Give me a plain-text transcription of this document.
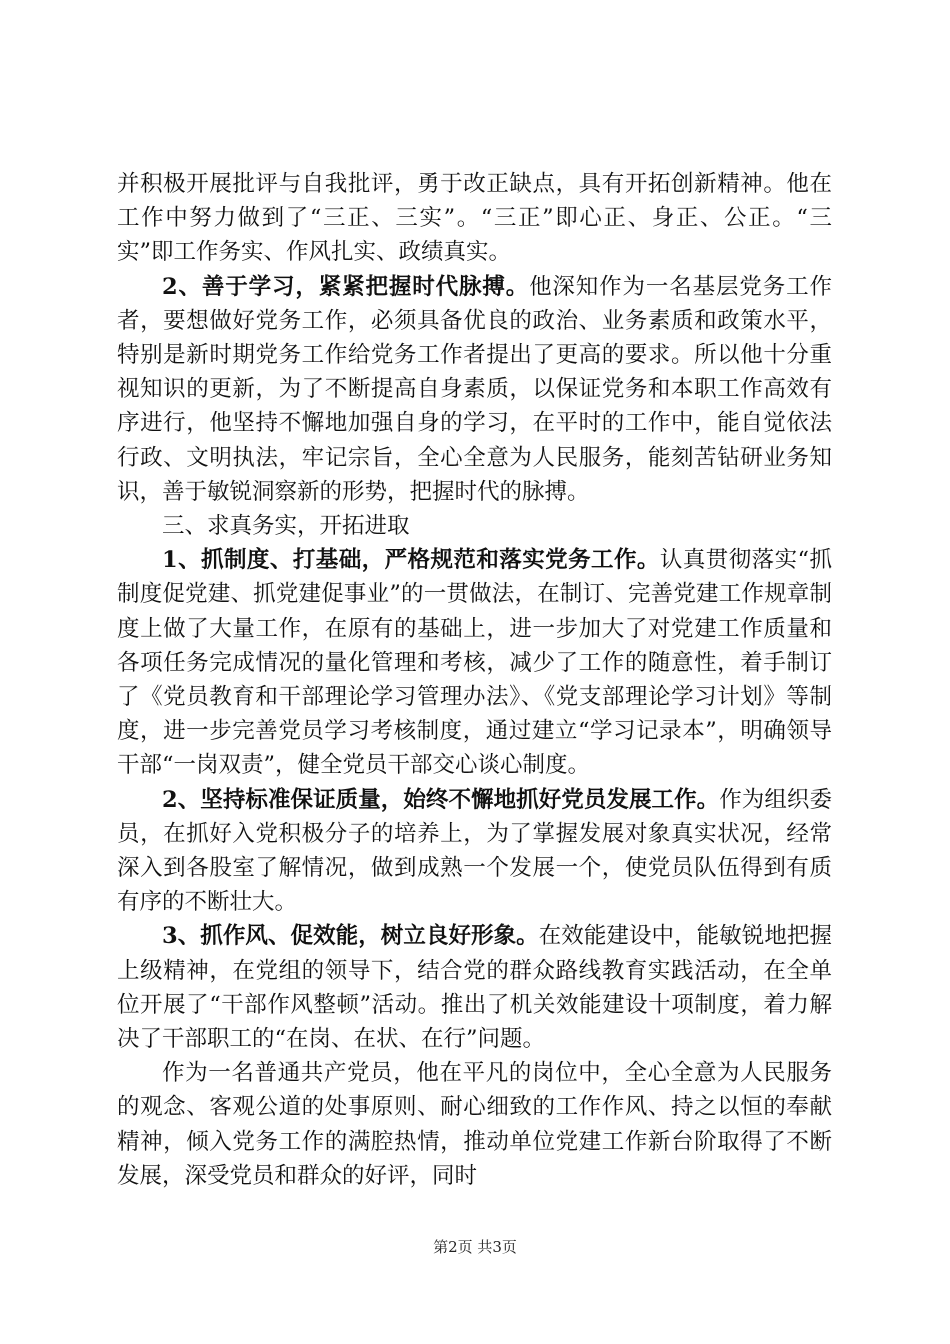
并积极开展批评与自我批评，勇于改正缺点，具有开拓创新精神。他在工作中努力做到了“三正、三实”。“三正”即心正、身正、公正。“三实”即工作务实、作风扎实、政绩真实。

2、善于学习，紧紧把握时代脉搏。他深知作为一名基层党务工作者，要想做好党务工作，必须具备优良的政治、业务素质和政策水平，特别是新时期党务工作给党务工作者提出了更高的要求。所以他十分重视知识的更新，为了不断提高自身素质，以保证党务和本职工作高效有序进行，他坚持不懈地加强自身的学习，在平时的工作中，能自觉依法行政、文明执法，牢记宗旨，全心全意为人民服务，能刻苦钻研业务知识，善于敏锐洞察新的形势，把握时代的脉搏。

三、求真务实，开拓进取

1、抓制度、打基础，严格规范和落实党务工作。认真贯彻落实“抓制度促党建、抓党建促事业”的一贯做法，在制订、完善党建工作规章制度上做了大量工作，在原有的基础上，进一步加大了对党建工作质量和各项任务完成情况的量化管理和考核，减少了工作的随意性，着手制订了《党员教育和干部理论学习管理办法》、《党支部理论学习计划》等制度，进一步完善党员学习考核制度，通过建立“学习记录本”，明确领导干部“一岗双责”，健全党员干部交心谈心制度。

2、坚持标准保证质量，始终不懈地抓好党员发展工作。作为组织委员，在抓好入党积极分子的培养上，为了掌握发展对象真实状况，经常深入到各股室了解情况，做到成熟一个发展一个，使党员队伍得到有质有序的不断壮大。

3、抓作风、促效能，树立良好形象。在效能建设中，能敏锐地把握上级精神，在党组的领导下，结合党的群众路线教育实践活动，在全单位开展了“干部作风整顿”活动。推出了机关效能建设十项制度，着力解决了干部职工的“在岗、在状、在行”问题。

作为一名普通共产党员，他在平凡的岗位中，全心全意为人民服务的观念、客观公道的处事原则、耐心细致的工作作风、持之以恒的奉献精神，倾入党务工作的满腔热情，推动单位党建工作新台阶取得了不断发展，深受党员和群众的好评，同时

第2页 共3页
